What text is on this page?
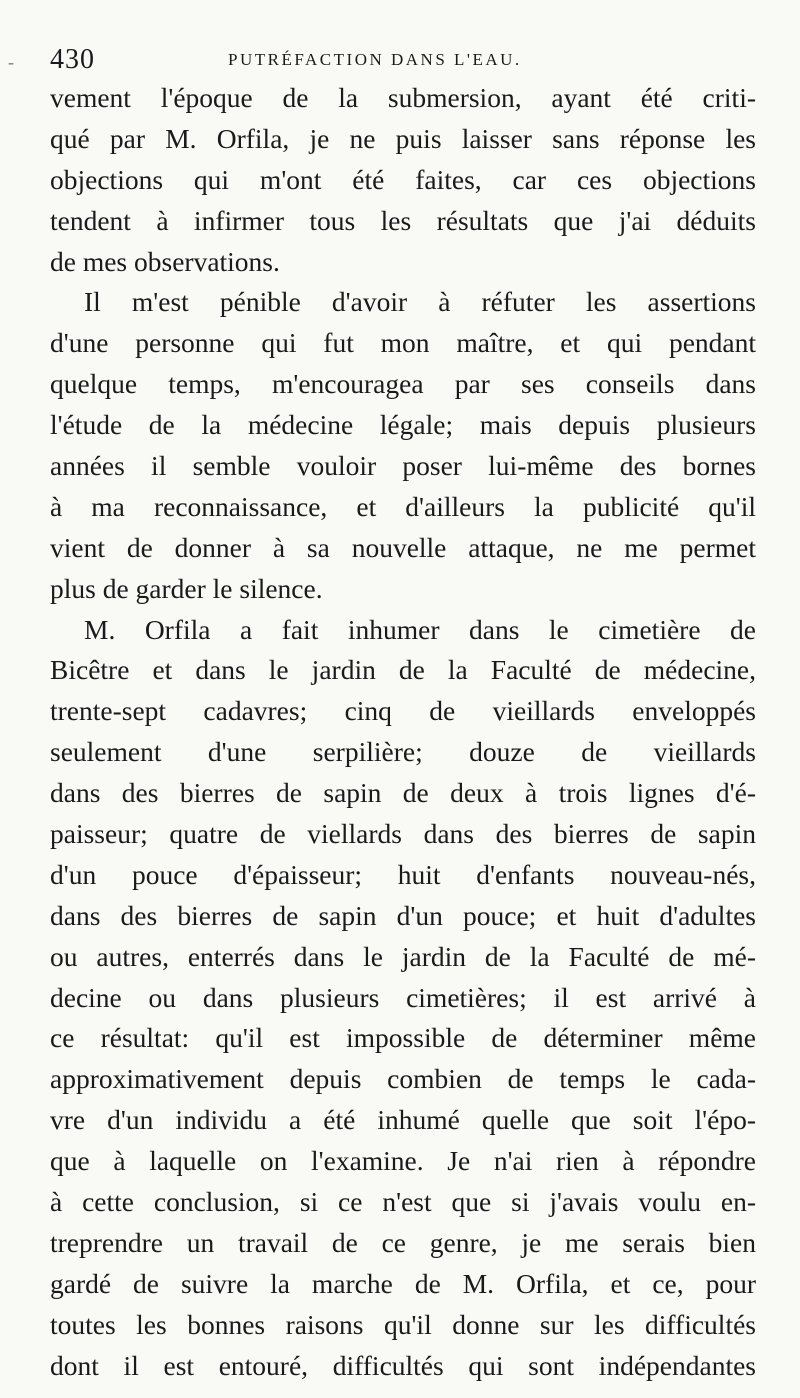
- 430	PUTRÉFACTION DANS L'EAU.
vement l'époque de la submersion, ayant été criti-
qué par M. Orfila, je ne puis laisser sans réponse les
objections qui m'ont été faites, car ces objections
tendent à infirmer tous les résultats que j'ai déduits
de mes observations.
Il m'est pénible d'avoir à réfuter les assertions
d'une personne qui fut mon maître, et qui pendant
quelque temps, m'encouragea par ses conseils dans
l'étude de la médecine légale; mais depuis plusieurs
années il semble vouloir poser lui-même des bornes
à ma reconnaissance, et d'ailleurs la publicité qu'il
vient de donner à sa nouvelle attaque, ne me permet
plus de garder le silence.
M. Orfila a fait inhumer dans le cimetière de
Bicêtre et dans le jardin de la Faculté de médecine,
trente-sept cadavres; cinq de vieillards enveloppés
seulement d'une serpilière; douze de vieillards
dans des bierres de sapin de deux à trois lignes d'é-
paisseur; quatre de viellards dans des bierres de sapin
d'un pouce d'épaisseur; huit d'enfants nouveau-nés,
dans des bierres de sapin d'un pouce; et huit d'adultes
ou autres, enterrés dans le jardin de la Faculté de mé-
decine ou dans plusieurs cimetières; il est arrivé à
ce résultat: qu'il est impossible de déterminer même
approximativement depuis combien de temps le cada-
vre d'un individu a été inhumé quelle que soit l'épo-
que à laquelle on l'examine. Je n'ai rien à répondre
à cette conclusion, si ce n'est que si j'avais voulu en-
treprendre un travail de ce genre, je me serais bien
gardé de suivre la marche de M. Orfila, et ce, pour
toutes les bonnes raisons qu'il donne sur les difficultés
dont il est entouré, difficultés qui sont indépendantes
